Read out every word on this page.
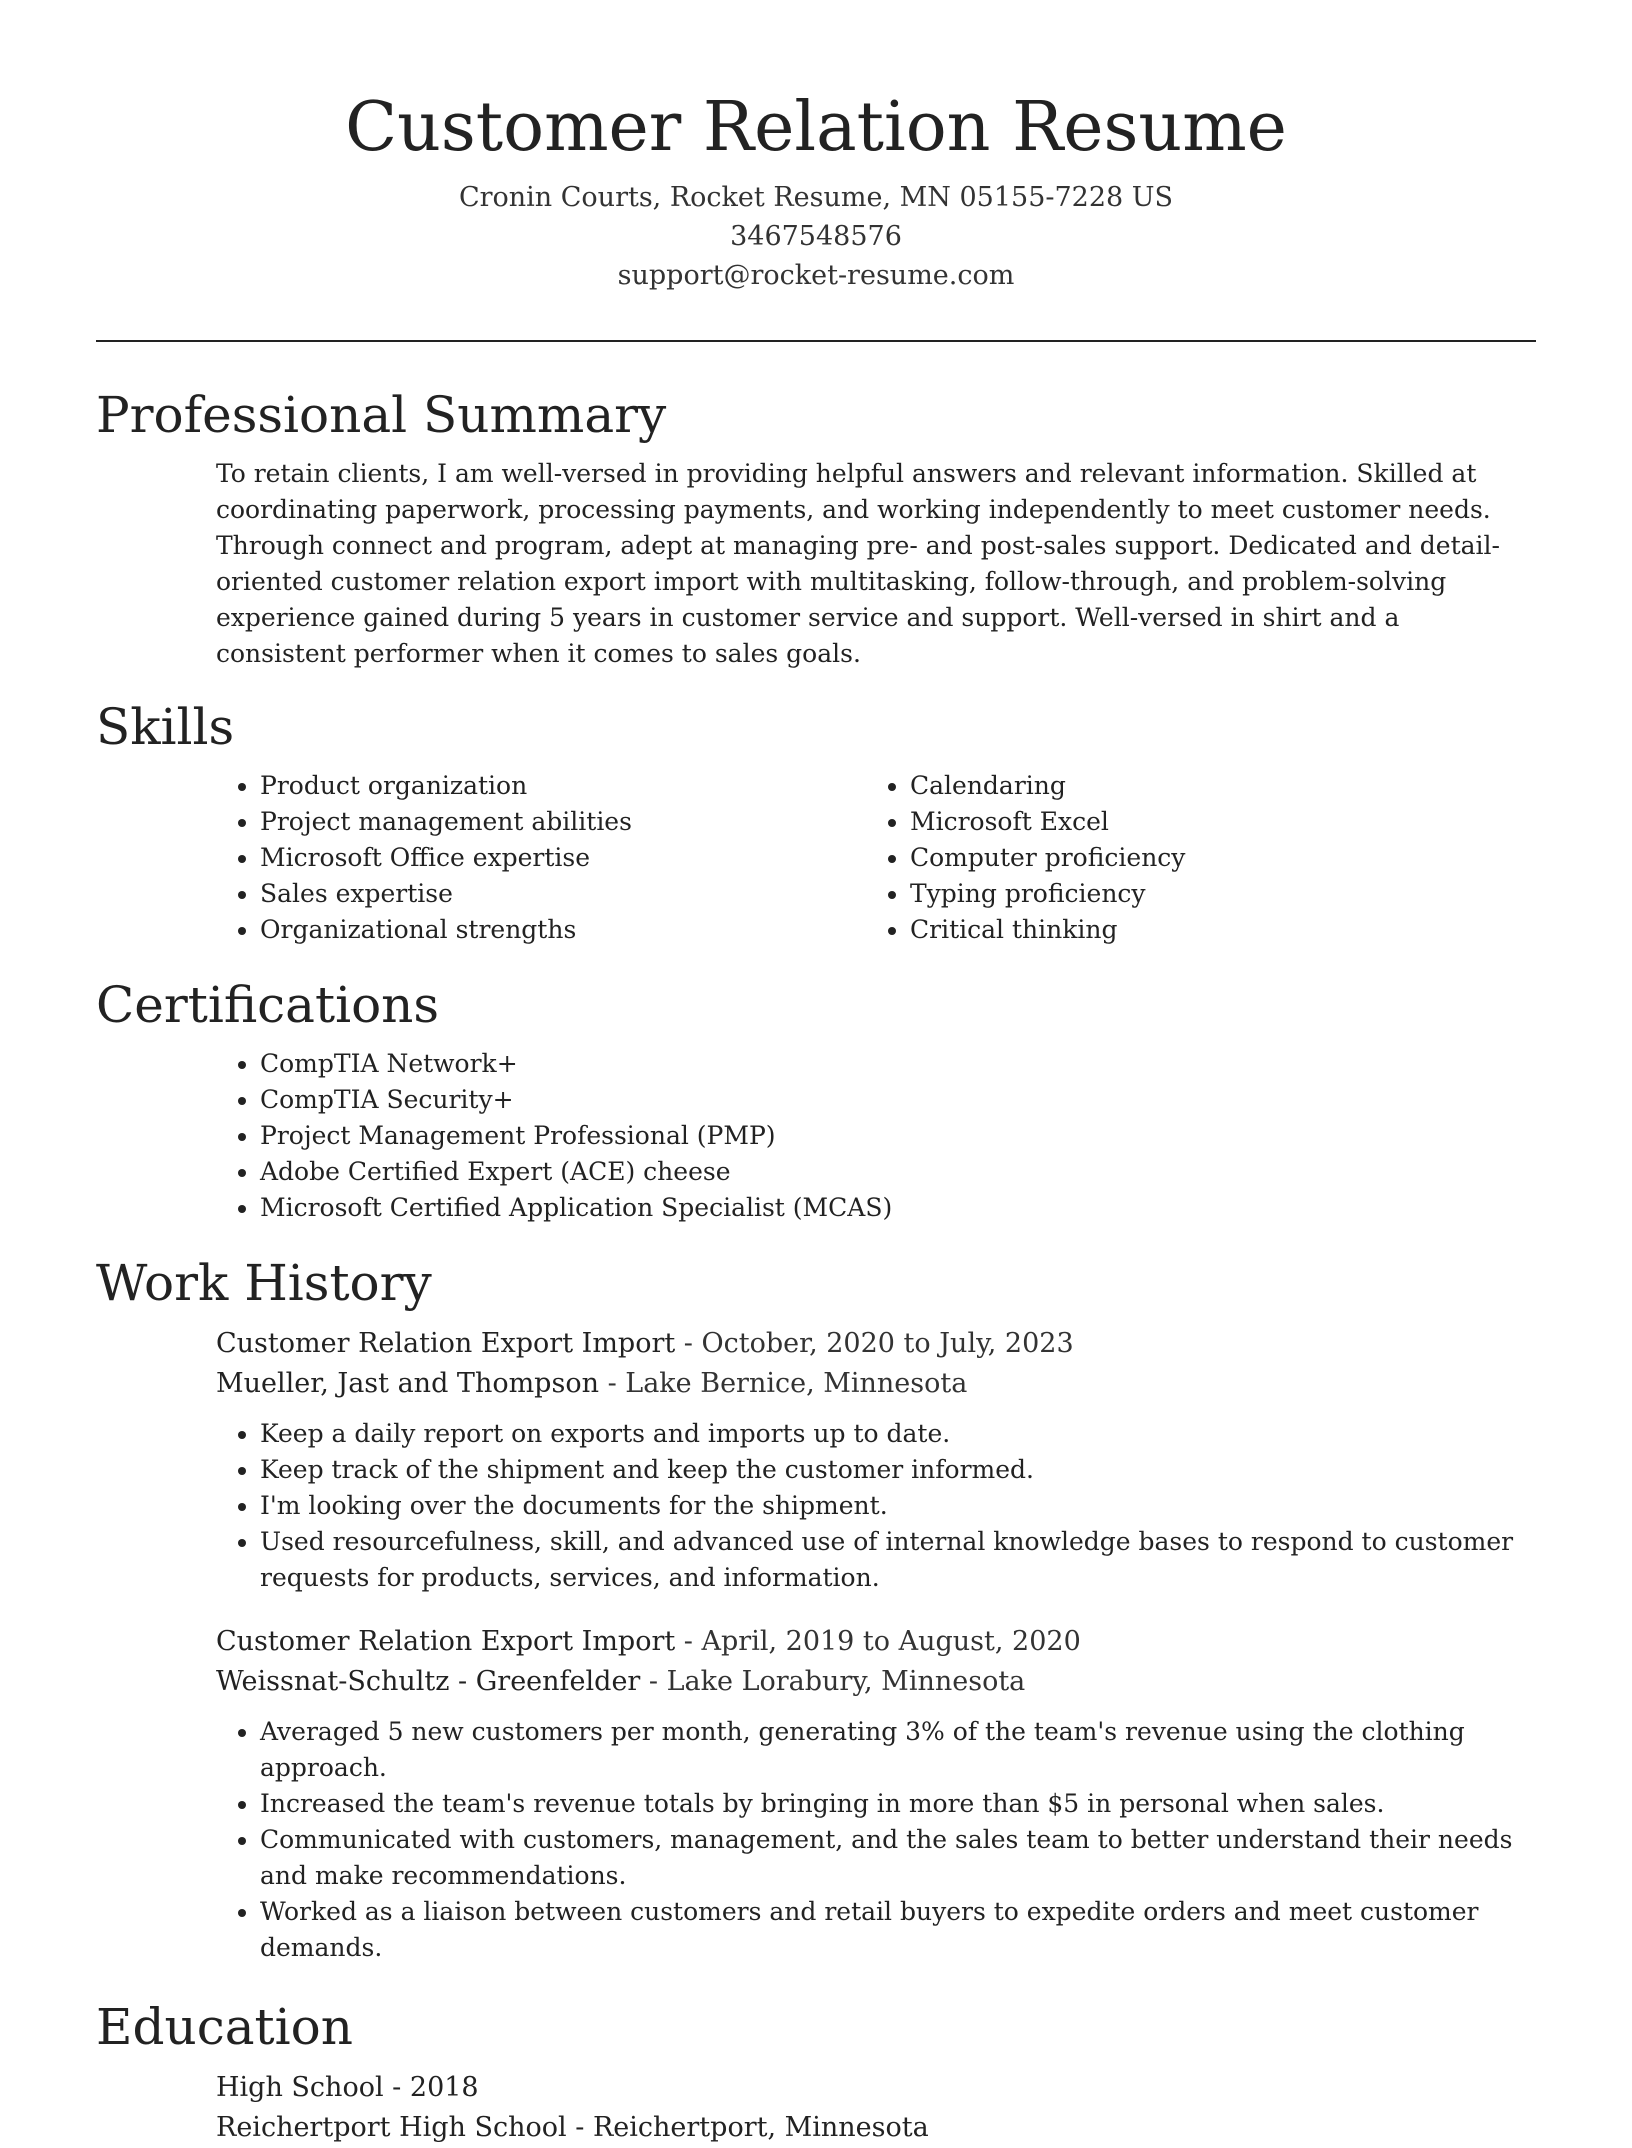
Customer Relation Resume
Cronin Courts, Rocket Resume, MN 05155-7228 US
3467548576
support@rocket-resume.com
Professional Summary

To retain clients, I am well-versed in providing helpful answers and relevant information. Skilled at coordinating paperwork, processing payments, and working independently to meet customer needs. Through connect and program, adept at managing pre- and post-sales support. Dedicated and detail-oriented customer relation export import with multitasking, follow-through, and problem-solving experience gained during 5 years in customer service and support. Well-versed in shirt and a consistent performer when it comes to sales goals.

Skills
• Product organization
• Project management abilities
• Microsoft Office expertise
• Sales expertise
• Organizational strengths
• Calendaring
• Microsoft Excel
• Computer proficiency
• Typing proficiency
• Critical thinking
Certifications
• CompTIA Network+
• CompTIA Security+
• Project Management Professional (PMP)
• Adobe Certified Expert (ACE) cheese
• Microsoft Certified Application Specialist (MCAS)
Work History
Customer Relation Export Import - October, 2020 to July, 2023
Mueller, Jast and Thompson - Lake Bernice, Minnesota
• Keep a daily report on exports and imports up to date.
• Keep track of the shipment and keep the customer informed.
• I'm looking over the documents for the shipment.
• Used resourcefulness, skill, and advanced use of internal knowledge bases to respond to customer requests for products, services, and information.
Customer Relation Export Import - April, 2019 to August, 2020
Weissnat-Schultz - Greenfelder - Lake Lorabury, Minnesota
• Averaged 5 new customers per month, generating 3% of the team's revenue using the clothing approach.
• Increased the team's revenue totals by bringing in more than $5 in personal when sales.
• Communicated with customers, management, and the sales team to better understand their needs and make recommendations.
• Worked as a liaison between customers and retail buyers to expedite orders and meet customer demands.
Education
High School - 2018
Reichertport High School - Reichertport, Minnesota
